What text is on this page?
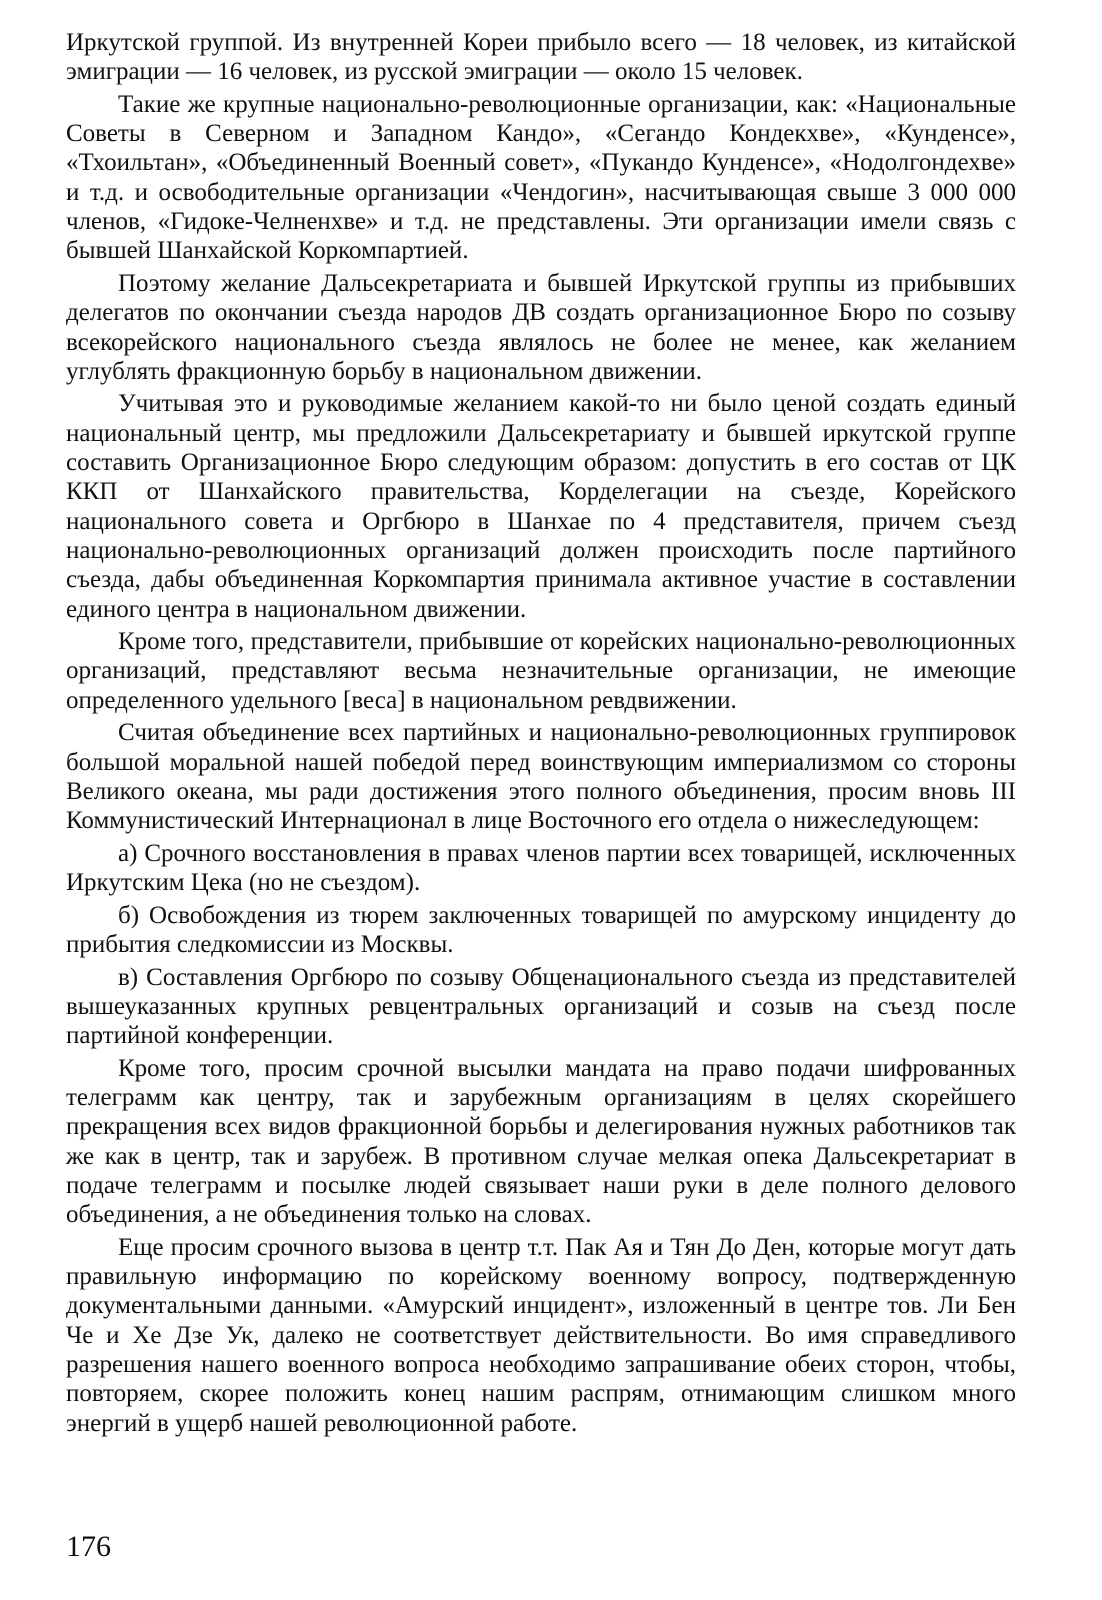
Иркутской группой. Из внутренней Кореи прибыло всего — 18 человек, из китайской эмиграции — 16 человек, из русской эмиграции — около 15 человек.

Такие же крупные национально-революционные организации, как: «Национальные Советы в Северном и Западном Кандо», «Сегандо Кондекхве», «Кунденсе», «Тхоильтан», «Объединенный Военный совет», «Пукандо Кунденсе», «Нодолгондехве» и т.д. и освободительные организации «Чендогин», насчитывающая свыше 3 000 000 членов, «Гидоке-Челненхве» и т.д. не представлены. Эти организации имели связь с бывшей Шанхайской Коркомпартией.

Поэтому желание Дальсекретариата и бывшей Иркутской группы из прибывших делегатов по окончании съезда народов ДВ создать организационное Бюро по созыву всекорейского национального съезда являлось не более не менее, как желанием углублять фракционную борьбу в национальном движении.

Учитывая это и руководимые желанием какой-то ни было ценой создать единый национальный центр, мы предложили Дальсекретариату и бывшей иркутской группе составить Организационное Бюро следующим образом: допустить в его состав от ЦК ККП от Шанхайского правительства, Корделегации на съезде, Корейского национального совета и Оргбюро в Шанхае по 4 представителя, причем съезд национально-революционных организаций должен происходить после партийного съезда, дабы объединенная Коркомпартия принимала активное участие в составлении единого центра в национальном движении.

Кроме того, представители, прибывшие от корейских национально-революционных организаций, представляют весьма незначительные организации, не имеющие определенного удельного [веса] в национальном ревдвижении.

Считая объединение всех партийных и национально-революционных группировок большой моральной нашей победой перед воинствующим империализмом со стороны Великого океана, мы ради достижения этого полного объединения, просим вновь III Коммунистический Интернационал в лице Восточного его отдела о нижеследующем:

а) Срочного восстановления в правах членов партии всех товарищей, исключенных Иркутским Цека (но не съездом).

б) Освобождения из тюрем заключенных товарищей по амурскому инциденту до прибытия следкомиссии из Москвы.

в) Составления Оргбюро по созыву Общенационального съезда из представителей вышеуказанных крупных ревцентральных организаций и созыв на съезд после партийной конференции.

Кроме того, просим срочной высылки мандата на право подачи шифрованных телеграмм как центру, так и зарубежным организациям в целях скорейшего прекращения всех видов фракционной борьбы и делегирования нужных работников так же как в центр, так и зарубеж. В противном случае мелкая опека Дальсекретариат в подаче телеграмм и посылке людей связывает наши руки в деле полного делового объединения, а не объединения только на словах.

Еще просим срочного вызова в центр т.т. Пак Ая и Тян До Ден, которые могут дать правильную информацию по корейскому военному вопросу, подтвержденную документальными данными. «Амурский инцидент», изложенный в центре тов. Ли Бен Че и Хе Дзе Ук, далеко не соответствует действительности. Во имя справедливого разрешения нашего военного вопроса необходимо запрашивание обеих сторон, чтобы, повторяем, скорее положить конец нашим распрям, отнимающим слишком много энергий в ущерб нашей революционной работе.

176
